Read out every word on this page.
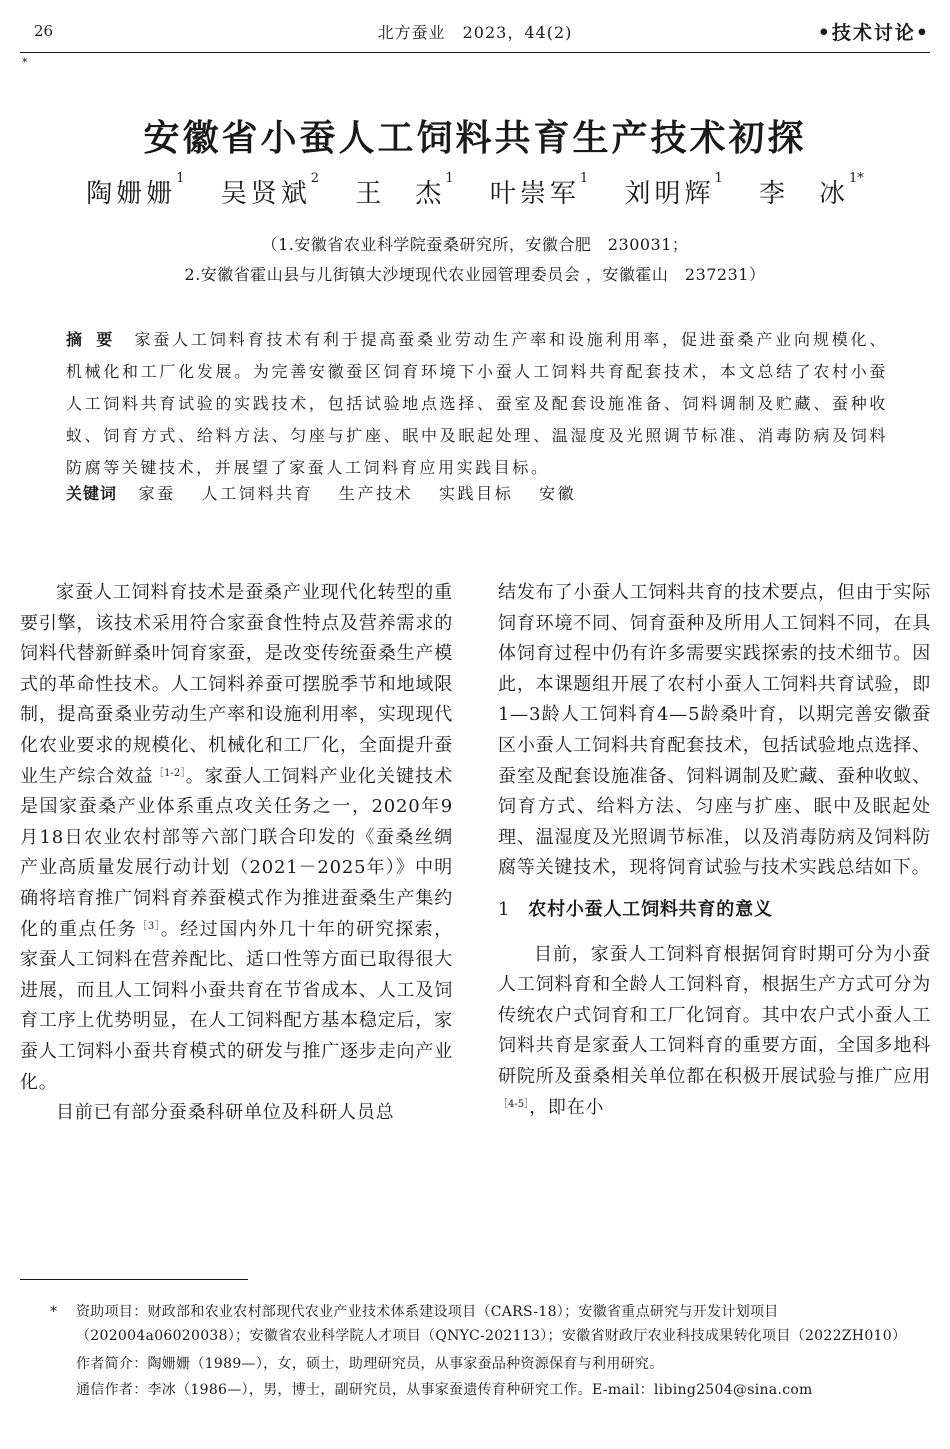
26	北方蚕业　2023，44(2)	•技术讨论•
*
安徽省小蚕人工饲料共育生产技术初探
陶姗姗$^1$ 吴贤斌$^2$ 王　杰$^1$ 叶崇军$^1$ 刘明辉$^1$ 李　冰$^{1*}$
（1.安徽省农业科学院蚕桑研究所，安徽合肥　230031；
2.安徽省霍山县与儿街镇大沙埂现代农业园管理委员会 ，安徽霍山　237231）
摘要 家蚕人工饲料育技术有利于提高蚕桑业劳动生产率和设施利用率，促进蚕桑产业向规模化、机械化和工厂化发展。为完善安徽蚕区饲育环境下小蚕人工饲料共育配套技术，本文总结了农村小蚕人工饲料共育试验的实践技术，包括试验地点选择、蚕室及配套设施准备、饲料调制及贮藏、蚕种收蚁、饲育方式、给料方法、匀座与扩座、眠中及眠起处理、温湿度及光照调节标准、消毒防病及饲料防腐等关键技术，并展望了家蚕人工饲料育应用实践目标。
关键词 家蚕 人工饲料共育 生产技术 实践目标 安徽

家蚕人工饲料育技术是蚕桑产业现代化转型的重要引擎，该技术采用符合家蚕食性特点及营养需求的饲料代替新鲜桑叶饲育家蚕，是改变传统蚕桑生产模式的革命性技术。人工饲料养蚕可摆脱季节和地域限制，提高蚕桑业劳动生产率和设施利用率，实现现代化农业要求的规模化、机械化和工厂化，全面提升蚕业生产综合效益$^{[1-2]}$。家蚕人工饲料产业化关键技术是国家蚕桑产业体系重点攻关任务之一，2020年9月18日农业农村部等六部门联合印发的《蚕桑丝绸产业高质量发展行动计划（2021－2025年）》中明确将培育推广饲料育养蚕模式作为推进蚕桑生产集约化的重点任务$^{[3]}$。经过国内外几十年的研究探索，家蚕人工饲料在营养配比、适口性等方面已取得很大进展，而且人工饲料小蚕共育在节省成本、人工及饲育工序上优势明显，在人工饲料配方基本稳定后，家蚕人工饲料小蚕共育模式的研发与推广逐步走向产业化。

目前已有部分蚕桑科研单位及科研人员总

结发布了小蚕人工饲料共育的技术要点，但由于实际饲育环境不同、饲育蚕种及所用人工饲料不同，在具体饲育过程中仍有许多需要实践探索的技术细节。因此，本课题组开展了农村小蚕人工饲料共育试验，即1—3龄人工饲料育4—5龄桑叶育，以期完善安徽蚕区小蚕人工饲料共育配套技术，包括试验地点选择、蚕室及配套设施准备、饲料调制及贮藏、蚕种收蚁、饲育方式、给料方法、匀座与扩座、眠中及眠起处理、温湿度及光照调节标准，以及消毒防病及饲料防腐等关键技术，现将饲育试验与技术实践总结如下。

1 农村小蚕人工饲料共育的意义

目前，家蚕人工饲料育根据饲育时期可分为小蚕人工饲料育和全龄人工饲料育，根据生产方式可分为传统农户式饲育和工厂化饲育。其中农户式小蚕人工饲料共育是家蚕人工饲料育的重要方面，全国多地科研院所及蚕桑相关单位都在积极开展试验与推广应用$^{[4-5]}$，即在小

* 资助项目：财政部和农业农村部现代农业产业技术体系建设项目（CARS-18）；安徽省重点研究与开发计划项目（202004a06020038）；安徽省农业科学院人才项目（QNYC-202113）；安徽省财政厅农业科技成果转化项目（2022ZH010）
作者简介：陶姗姗（1989—），女，硕士，助理研究员，从事家蚕品种资源保育与利用研究。
通信作者：李冰（1986—），男，博士，副研究员，从事家蚕遗传育种研究工作。E-mail：libing2504@sina.com
